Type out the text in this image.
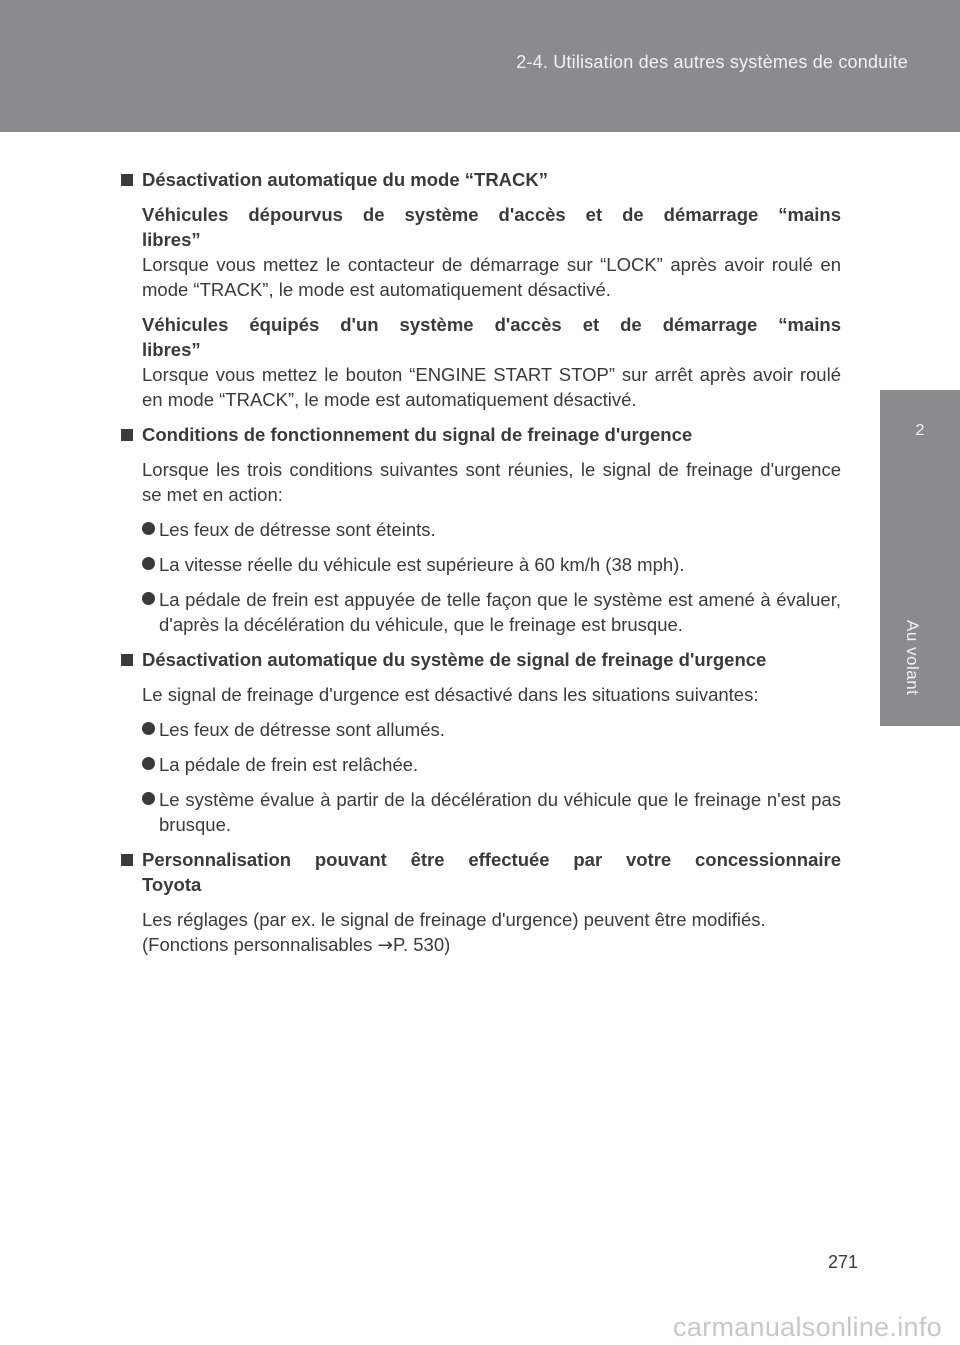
2-4. Utilisation des autres systèmes de conduite
2
Au volant
Désactivation automatique du mode “TRACK”
Véhicules dépourvus de système d'accès et de démarrage “mains
libres”
Lorsque vous mettez le contacteur de démarrage sur “LOCK” après avoir roulé en mode “TRACK”, le mode est automatiquement désactivé.
Véhicules équipés d'un système d'accès et de démarrage “mains
libres”
Lorsque vous mettez le bouton “ENGINE START STOP” sur arrêt après avoir roulé en mode “TRACK”, le mode est automatiquement désactivé.
Conditions de fonctionnement du signal de freinage d'urgence
Lorsque les trois conditions suivantes sont réunies, le signal de freinage d'urgence se met en action:
Les feux de détresse sont éteints.
La vitesse réelle du véhicule est supérieure à 60 km/h (38 mph).
La pédale de frein est appuyée de telle façon que le système est amené à évaluer, d'après la décélération du véhicule, que le freinage est brusque.
Désactivation automatique du système de signal de freinage d'urgence
Le signal de freinage d'urgence est désactivé dans les situations suivantes:
Les feux de détresse sont allumés.
La pédale de frein est relâchée.
Le système évalue à partir de la décélération du véhicule que le freinage n'est pas brusque.
Personnalisation pouvant être effectuée par votre concessionnaire
Toyota
Les réglages (par ex. le signal de freinage d'urgence) peuvent être modifiés.
(Fonctions personnalisables →P. 530)
271
carmanualsonline.info
